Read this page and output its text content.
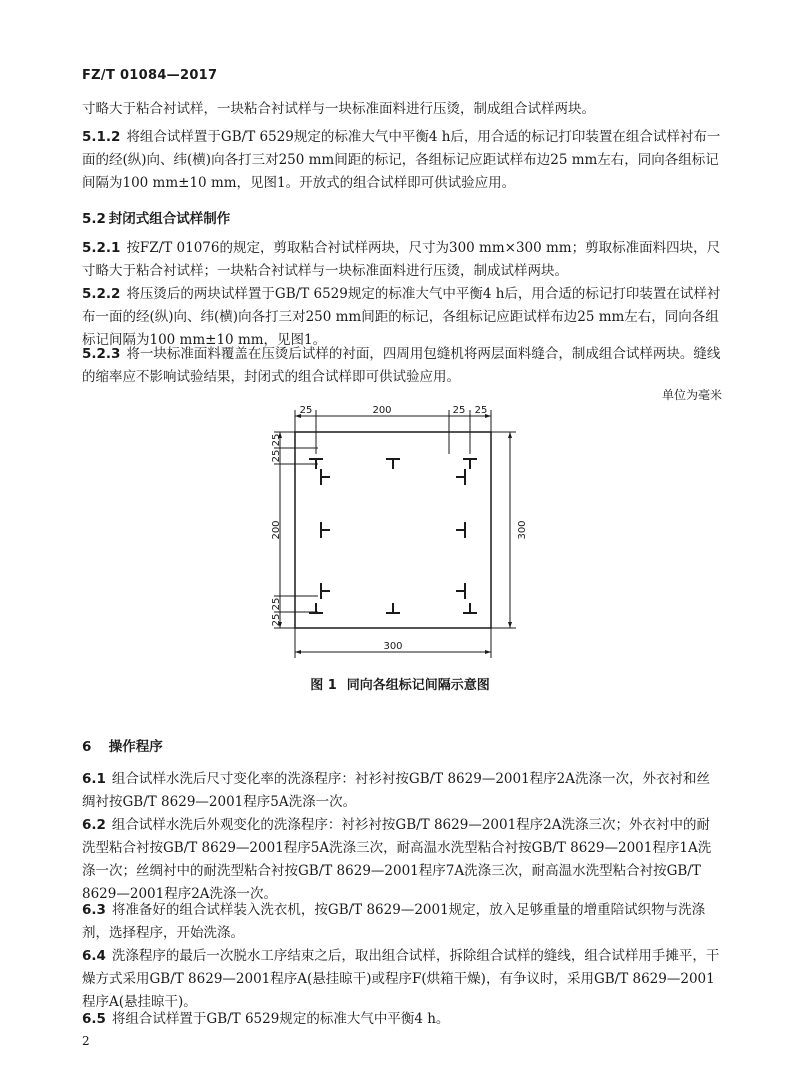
FZ/T 01084—2017

寸略大于粘合衬试样，一块粘合衬试样与一块标准面料进行压烫，制成组合试样两块。

5.1.2 将组合试样置于GB/T 6529规定的标准大气中平衡4 h后，用合适的标记打印装置在组合试样衬布一面的经(纵)向、纬(横)向各打三对250 mm间距的标记，各组标记应距试样布边25 mm左右，同向各组标记间隔为100 mm±10 mm，见图1。开放式的组合试样即可供试验应用。

5.2 封闭式组合试样制作

5.2.1 按FZ/T 01076的规定，剪取粘合衬试样两块，尺寸为300 mm×300 mm；剪取标准面料四块，尺寸略大于粘合衬试样；一块粘合衬试样与一块标准面料进行压烫，制成试样两块。

5.2.2 将压烫后的两块试样置于GB/T 6529规定的标准大气中平衡4 h后，用合适的标记打印装置在试样衬布一面的经(纵)向、纬(横)向各打三对250 mm间距的标记，各组标记应距试样布边25 mm左右，同向各组标记间隔为100 mm±10 mm，见图1。

5.2.3 将一块标准面料覆盖在压烫后试样的衬面，四周用包缝机将两层面料缝合，制成组合试样两块。缝线的缩率应不影响试验结果，封闭式的组合试样即可供试验应用。

单位为毫米
25	200	25 25
25
25
200
25
25
300
300
图 1 同向各组标记间隔示意图
6 操作程序

6.1 组合试样水洗后尺寸变化率的洗涤程序：衬衫衬按GB/T 8629—2001程序2A洗涤一次，外衣衬和丝绸衬按GB/T 8629—2001程序5A洗涤一次。

6.2 组合试样水洗后外观变化的洗涤程序：衬衫衬按GB/T 8629—2001程序2A洗涤三次；外衣衬中的耐洗型粘合衬按GB/T 8629—2001程序5A洗涤三次，耐高温水洗型粘合衬按GB/T 8629—2001程序1A洗涤一次；丝绸衬中的耐洗型粘合衬按GB/T 8629—2001程序7A洗涤三次，耐高温水洗型粘合衬按GB/T 8629—2001程序2A洗涤一次。

6.3 将准备好的组合试样装入洗衣机，按GB/T 8629—2001规定，放入足够重量的增重陪试织物与洗涤剂，选择程序，开始洗涤。

6.4 洗涤程序的最后一次脱水工序结束之后，取出组合试样，拆除组合试样的缝线，组合试样用手摊平，干燥方式采用GB/T 8629—2001程序A(悬挂晾干)或程序F(烘箱干燥)，有争议时，采用GB/T 8629—2001程序A(悬挂晾干)。

6.5 将组合试样置于GB/T 6529规定的标准大气中平衡4 h。

2
